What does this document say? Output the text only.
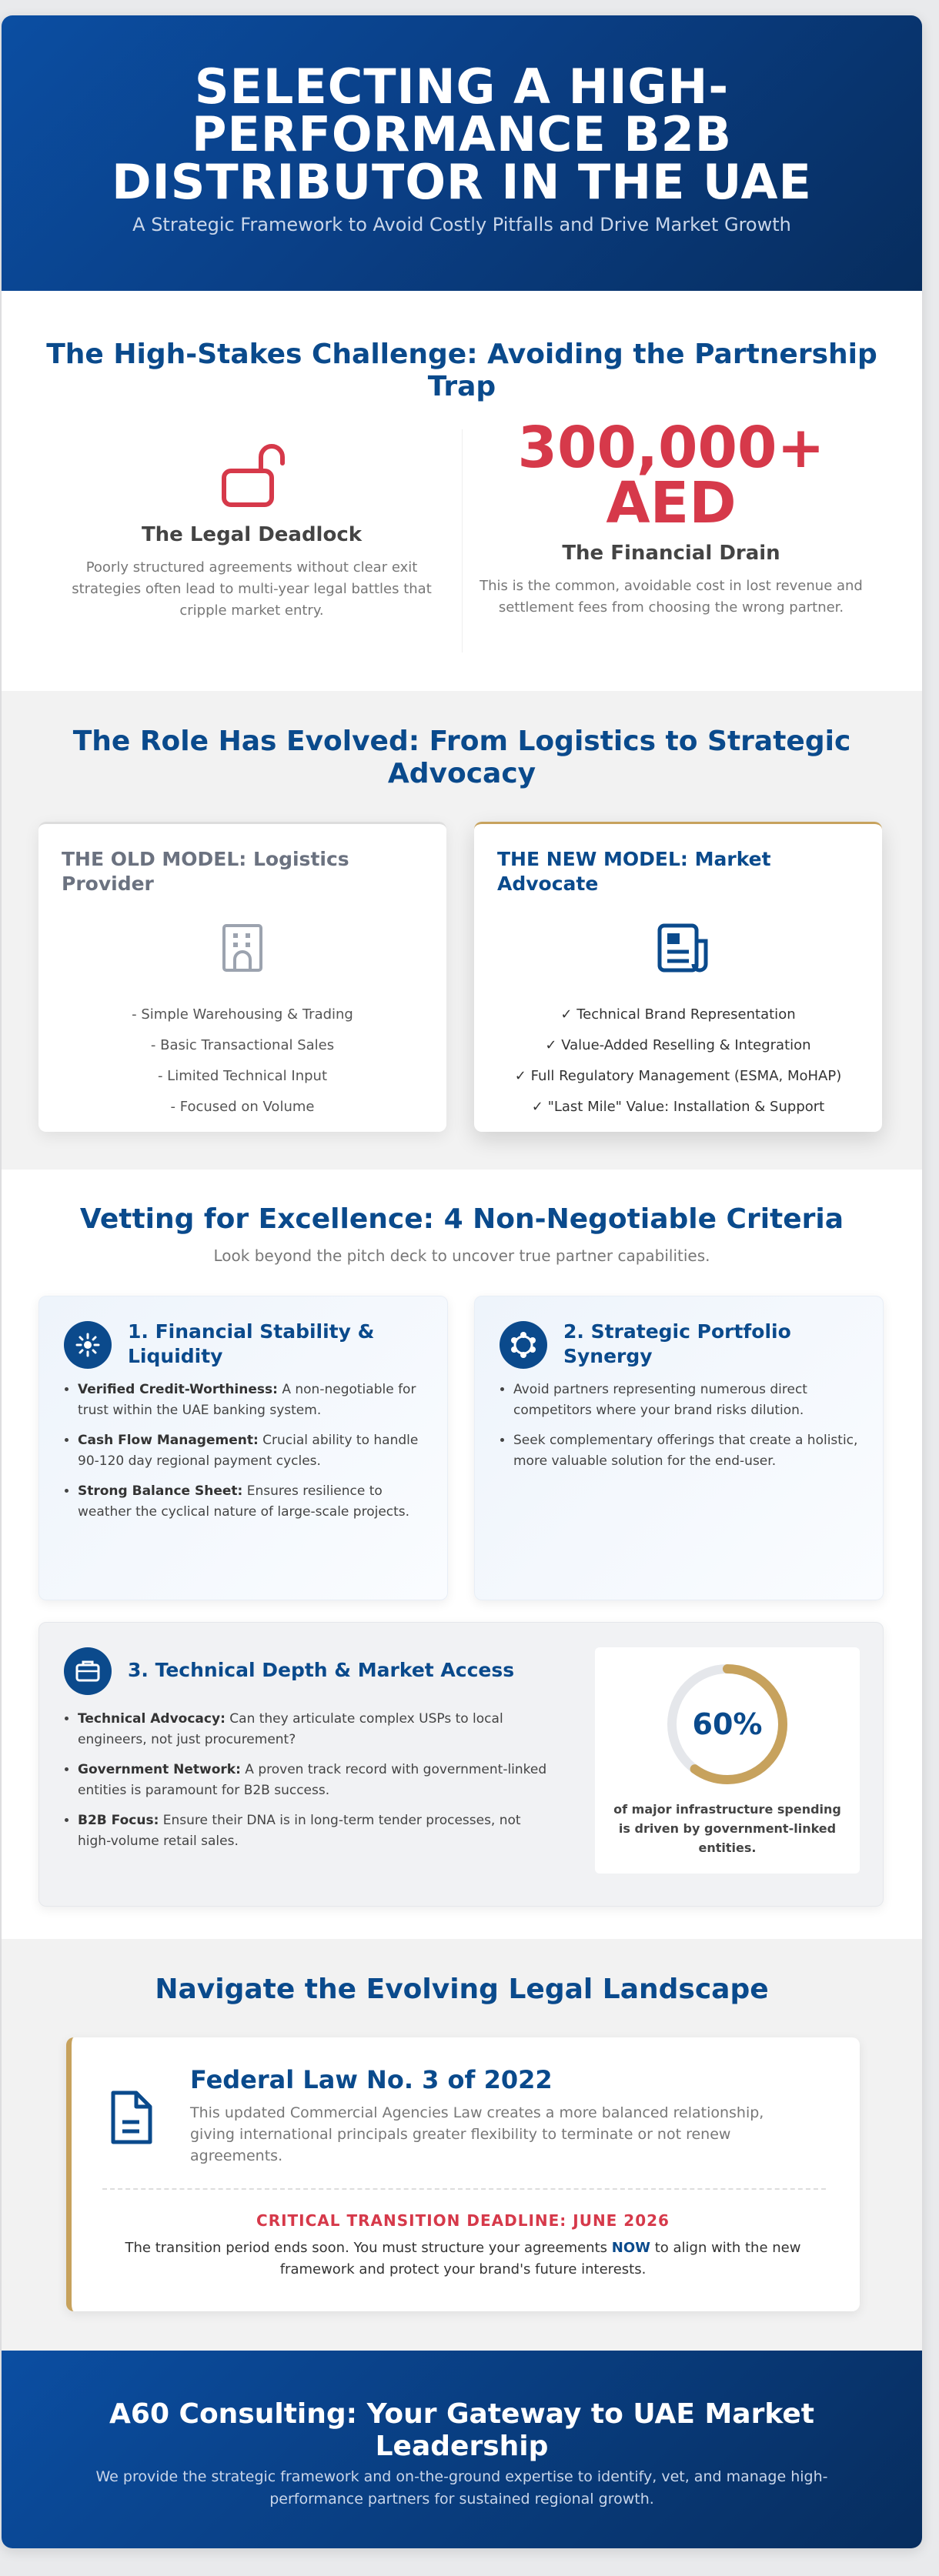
SELECTING A HIGH-PERFORMANCE B2B DISTRIBUTOR IN THE UAE

A Strategic Framework to Avoid Costly Pitfalls and Drive Market Growth

The High-Stakes Challenge: Avoiding the Partnership Trap
The Legal Deadlock
Poorly structured agreements without clear exit strategies often lead to multi-year legal battles that cripple market entry.
300,000+ AED
The Financial Drain
This is the common, avoidable cost in lost revenue and settlement fees from choosing the wrong partner.
The Role Has Evolved: From Logistics to Strategic Advocacy
THE OLD MODEL: Logistics Provider
- Simple Warehousing & Trading
- Basic Transactional Sales
- Limited Technical Input
- Focused on Volume
THE NEW MODEL: Market Advocate
✓ Technical Brand Representation
✓ Value-Added Reselling & Integration
✓ Full Regulatory Management (ESMA, MoHAP)
✓ "Last Mile" Value: Installation & Support
Vetting for Excellence: 4 Non-Negotiable Criteria
Look beyond the pitch deck to uncover true partner capabilities.
1. Financial Stability & Liquidity
• Verified Credit-Worthiness: A non-negotiable for trust within the UAE banking system.
• Cash Flow Management: Crucial ability to handle 90-120 day regional payment cycles.
• Strong Balance Sheet: Ensures resilience to weather the cyclical nature of large-scale projects.
2. Strategic Portfolio Synergy
• Avoid partners representing numerous direct competitors where your brand risks dilution.
• Seek complementary offerings that create a holistic, more valuable solution for the end-user.
3. Technical Depth & Market Access
• Technical Advocacy: Can they articulate complex USPs to local engineers, not just procurement?
• Government Network: A proven track record with government-linked entities is paramount for B2B success.
• B2B Focus: Ensure their DNA is in long-term tender processes, not high-volume retail sales.
60%
of major infrastructure spending is driven by government-linked entities.
Navigate the Evolving Legal Landscape
Federal Law No. 3 of 2022
This updated Commercial Agencies Law creates a more balanced relationship, giving international principals greater flexibility to terminate or not renew agreements.
CRITICAL TRANSITION DEADLINE: JUNE 2026
The transition period ends soon. You must structure your agreements NOW to align with the new framework and protect your brand's future interests.
A60 Consulting: Your Gateway to UAE Market Leadership
We provide the strategic framework and on-the-ground expertise to identify, vet, and manage high-performance partners for sustained regional growth.
